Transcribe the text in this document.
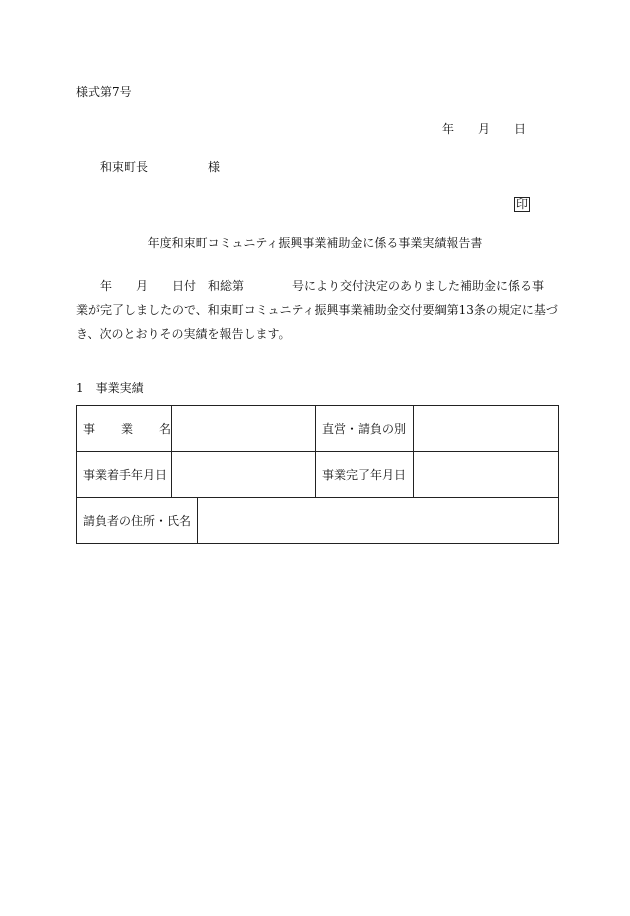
様式第7号
年 月 日
和束町長　　　　　様
印
年度和束町コミュニティ振興事業補助金に係る事業実績報告書
　　年　　月　　日付　和総第　　　　号により交付決定のありました補助金に係る事
業が完了しましたので、和束町コミュニティ振興事業補助金交付要綱第13条の規定に基づ
き、次のとおりその実績を報告します。
1　事業実績
事業名			直営・請負の別	
事業着手年月日			事業完了年月日	
請負者の住所・氏名				
